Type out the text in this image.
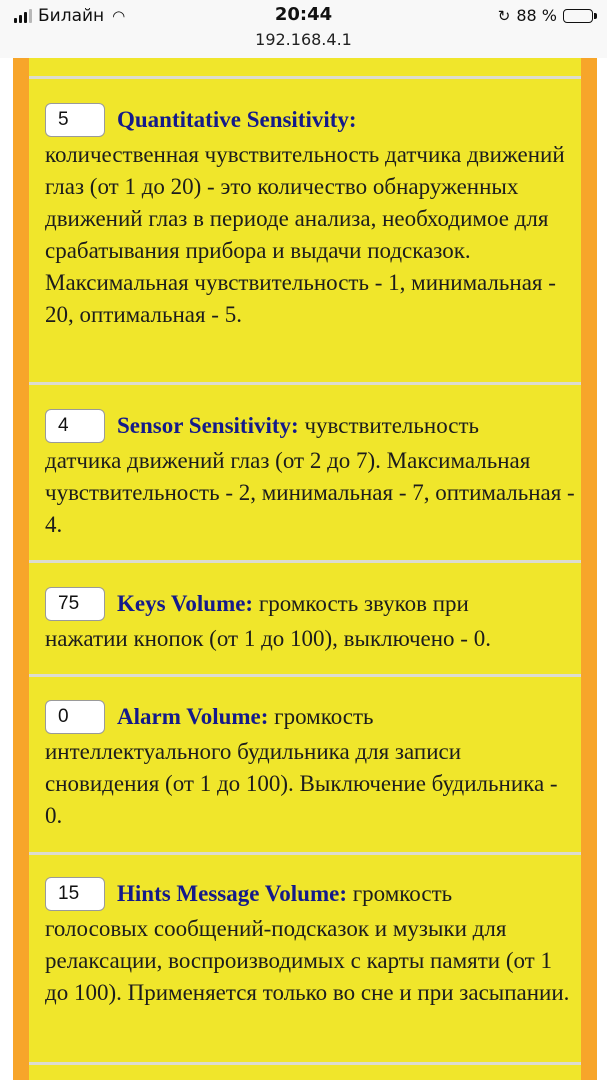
Билайн ◠	20:44
192.168.4.1
↻ 88 %
5 Quantitative Sensitivity:
количественная чувствительность датчика движений глаз (от 1 до 20) - это количество обнаруженных движений глаз в периоде анализа, необходимое для срабатывания прибора и выдачи подсказок. Максимальная чувствительность - 1, минимальная - 20, оптимальная - 5.
4 Sensor Sensitivity: чувствительность
датчика движений глаз (от 2 до 7). Максимальная чувствительность - 2, минимальная - 7, оптимальная - 4.
75 Keys Volume: громкость звуков при
нажатии кнопок (от 1 до 100), выключено - 0.
0 Alarm Volume: громкость
интеллектуального будильника для записи сновидения (от 1 до 100). Выключение будильника - 0.
15 Hints Message Volume: громкость
голосовых сообщений-подсказок и музыки для релаксации, воспроизводимых с карты памяти (от 1 до 100). Применяется только во сне и при засыпании.
